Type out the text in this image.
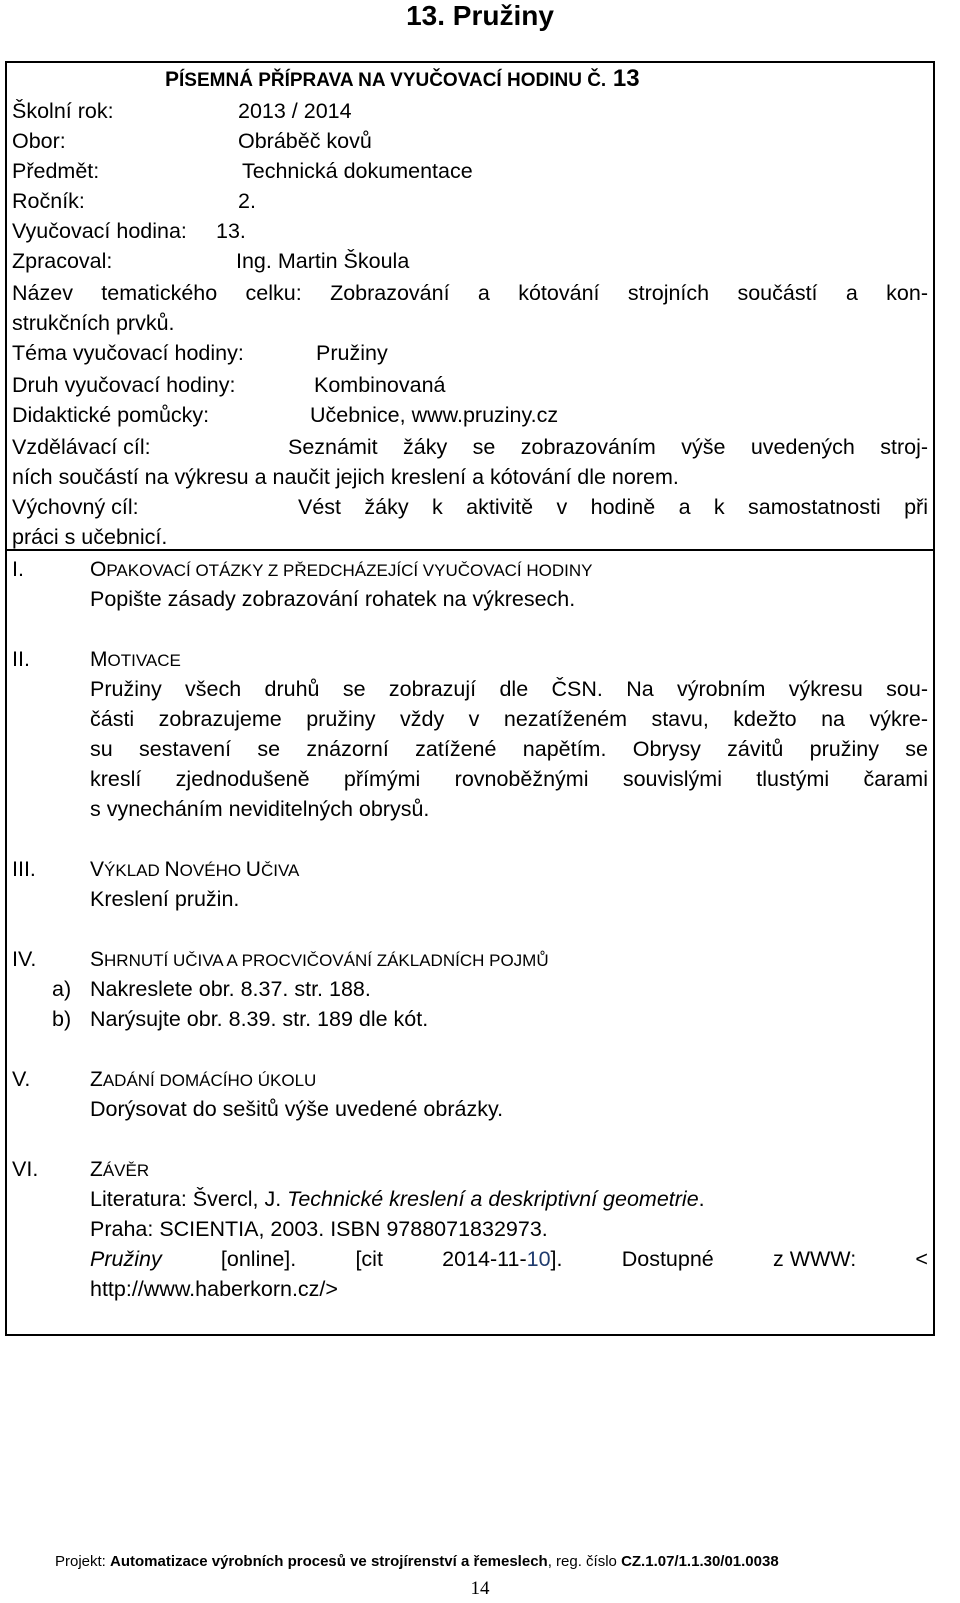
13. Pružiny
PÍSEMNÁ PŘÍPRAVA NA VYUČOVACÍ HODINU Č. 13
Školní rok:	2013 / 2014
Obor:	Obráběč kovů
Předmět:	Technická dokumentace
Ročník:	2.
Vyučovací hodina: 13.
Zpracoval:	Ing. Martin Škoula
Název tematického celku: Zobrazování a kótování strojních součástí a kon-
strukčních prvků.
Téma vyučovací hodiny:	Pružiny
Druh vyučovací hodiny:	Kombinovaná
Didaktické pomůcky:	Učebnice, www.pruziny.cz
Vzdělávací cíl:	Seznámit žáky se zobrazováním výše uvedených stroj-
ních součástí na výkresu a naučit jejich kreslení a kótování dle norem.
Výchovný cíl:	Vést žáky k aktivitě v hodině a k samostatnosti při
práci s učebnicí.
I.	OPAKOVACÍ OTÁZKY Z PŘEDCHÁZEJÍCÍ VYUČOVACÍ HODINY
Popište zásady zobrazování rohatek na výkresech.
II.	MOTIVACE
Pružiny všech druhů se zobrazují dle ČSN. Na výrobním výkresu sou-
části zobrazujeme pružiny vždy v nezatíženém stavu, kdežto na výkre-
su sestavení se znázorní zatížené napětím. Obrysy závitů pružiny se
kreslí zjednodušeně přímými rovnoběžnými souvislými tlustými čarami
s vynecháním neviditelných obrysů.
III.	VÝKLAD NOVÉHO UČIVA
Kreslení pružin.
IV.	SHRNUTÍ UČIVA A PROCVIČOVÁNÍ ZÁKLADNÍCH POJMŮ
a) Nakreslete obr. 8.37. str. 188.
b) Narýsujte obr. 8.39. str. 189 dle kót.
V.	ZADÁNÍ DOMÁCÍHO ÚKOLU
Dorýsovat do sešitů výše uvedené obrázky.
VI. ZÁVĚR
Literatura: Švercl, J. Technické kreslení a deskriptivní geometrie.
Praha: SCIENTIA, 2003. ISBN 9788071832973.
Pružiny	[online].	[cit	2014-11-10].	Dostupné	z WWW:	<
http://www.haberkorn.cz/>
Projekt: Automatizace výrobních procesů ve strojírenství a řemeslech, reg. číslo CZ.1.07/1.1.30/01.0038
14
